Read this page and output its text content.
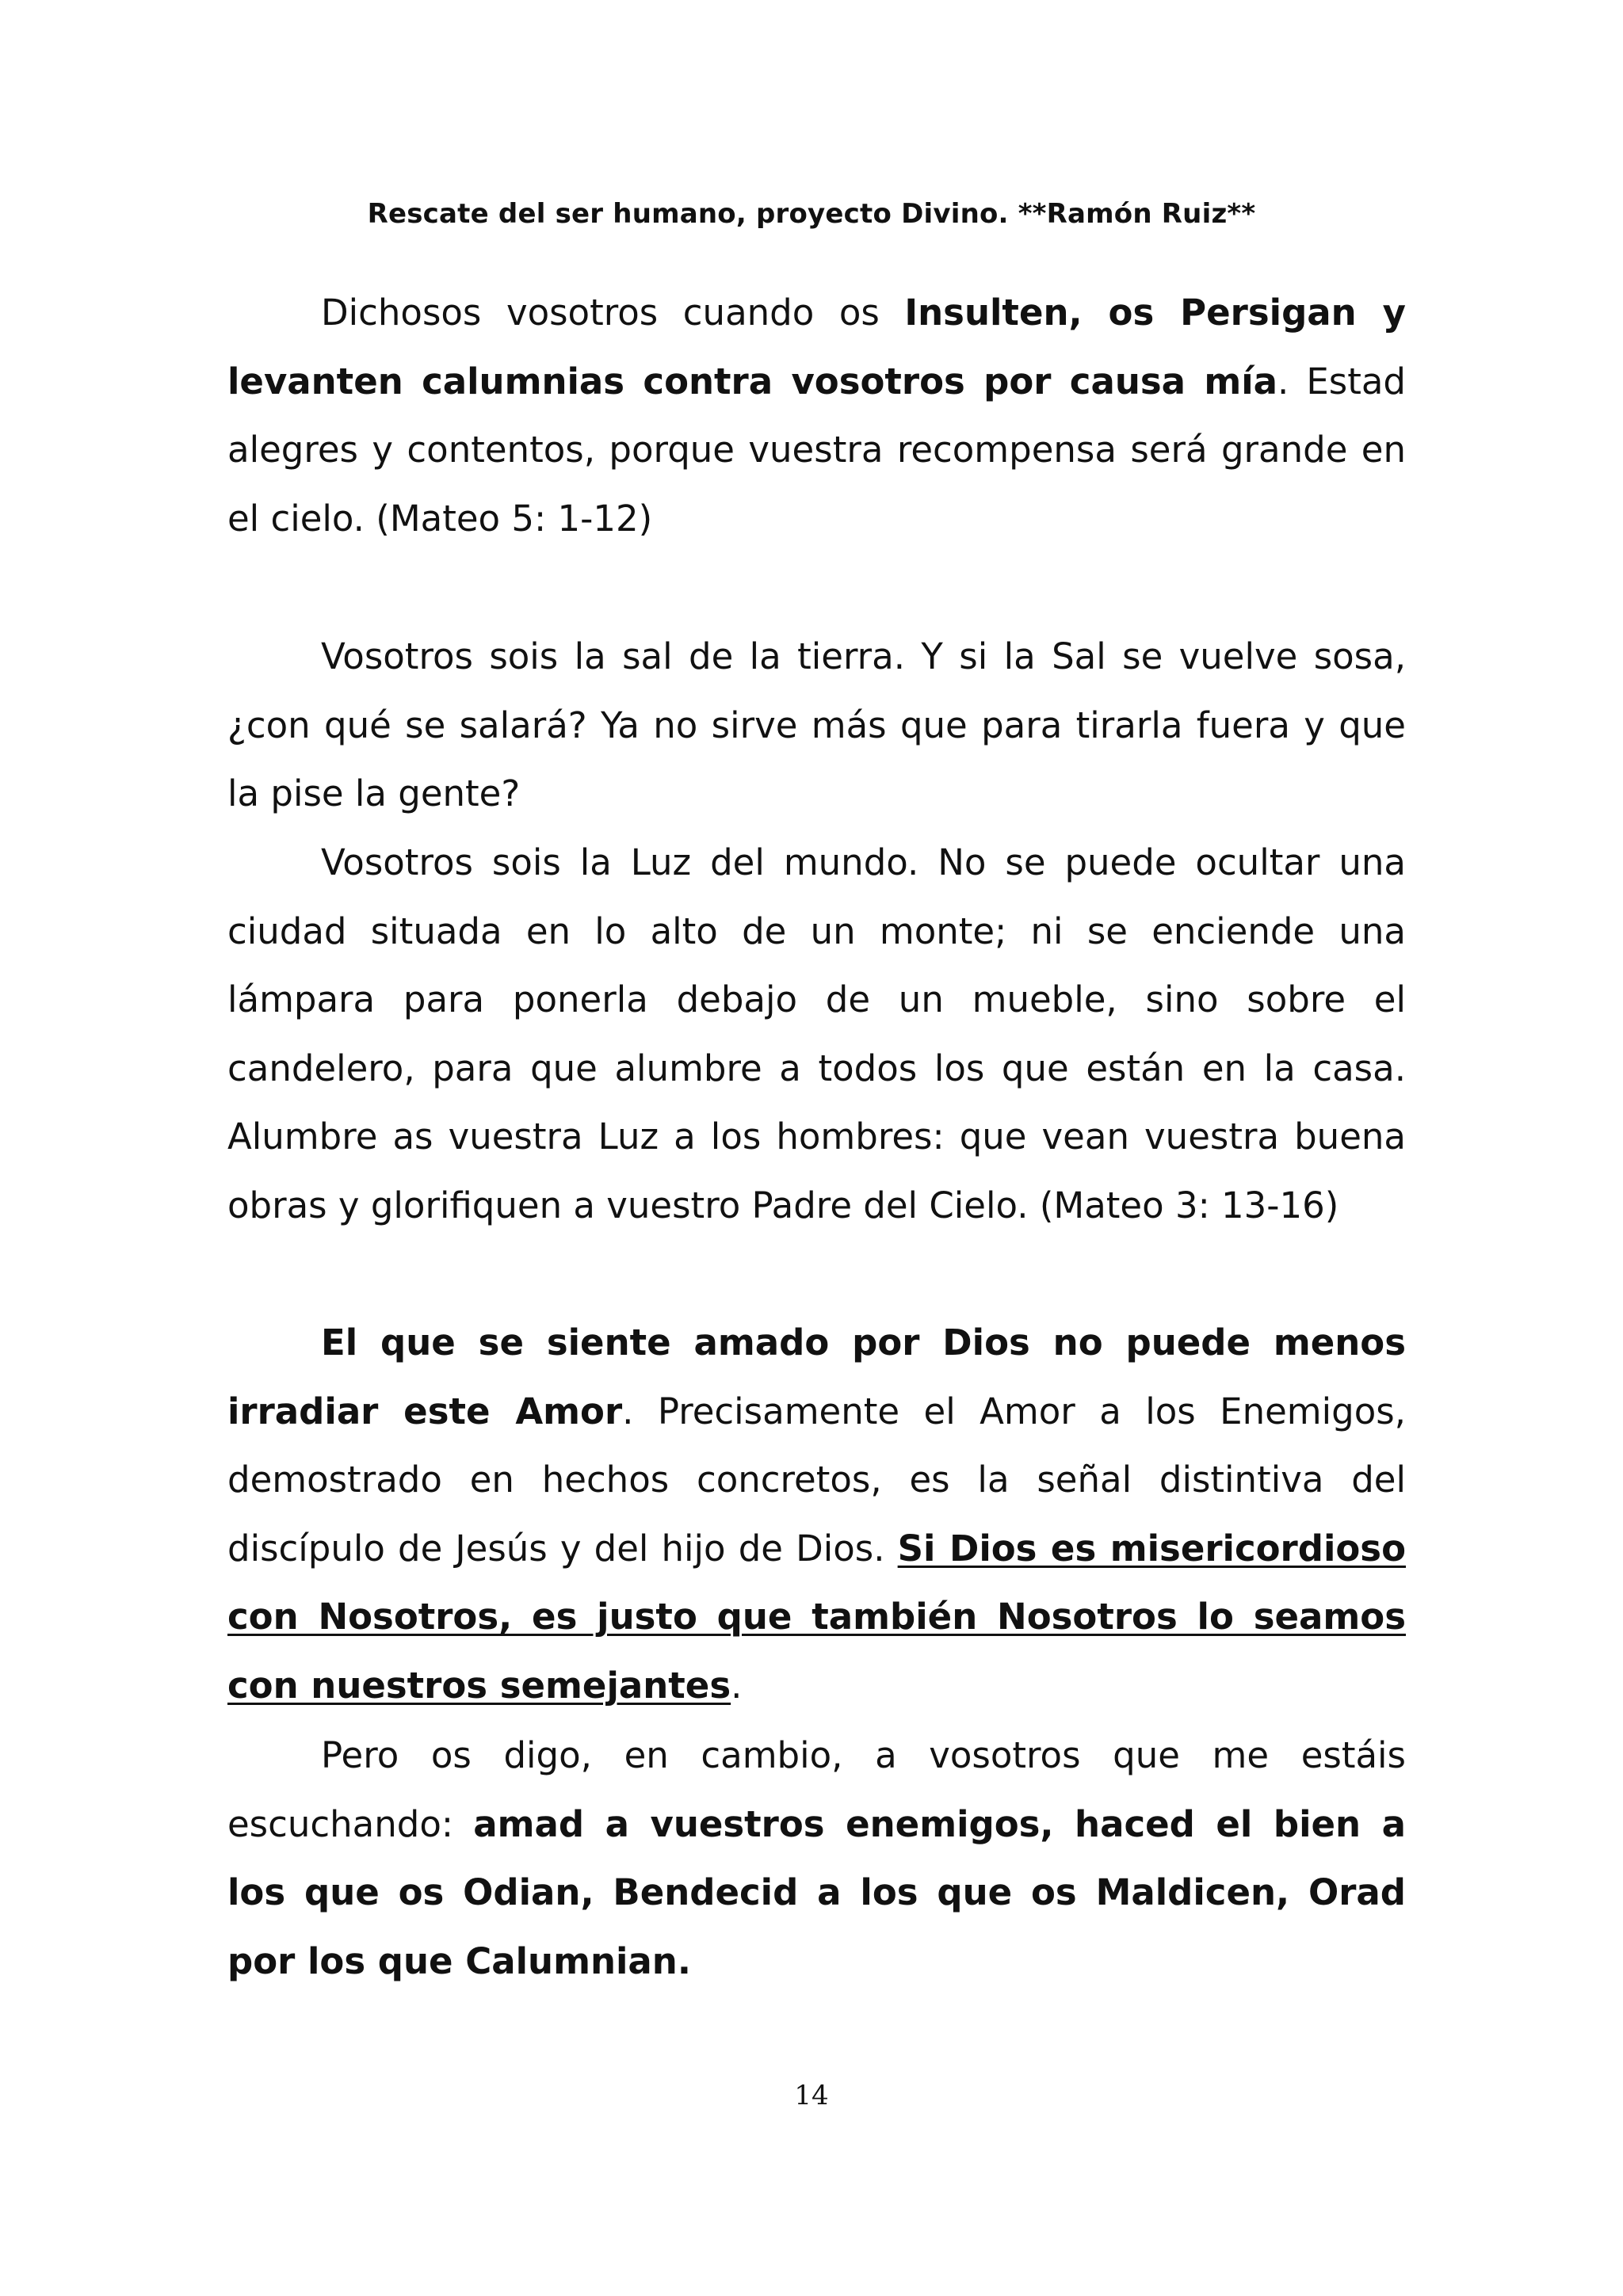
Rescate del ser humano, proyecto Divino. **Ramón Ruiz**

Dichosos vosotros cuando os Insulten, os Persigan y levanten calumnias contra vosotros por causa mía. Estad alegres y contentos, porque vuestra recompensa será grande en el cielo. (Mateo 5: 1-12)

Vosotros sois la sal de la tierra. Y si la Sal se vuelve sosa, ¿con qué se salará? Ya no sirve más que para tirarla fuera y que la pise la gente?

Vosotros sois la Luz del mundo. No se puede ocultar una ciudad situada en lo alto de un monte; ni se enciende una lámpara para ponerla debajo de un mueble, sino sobre el candelero, para que alumbre a todos los que están en la casa. Alumbre as vuestra Luz a los hombres: que vean vuestra buena obras y glorifiquen a vuestro Padre del Cielo. (Mateo 3: 13-16)

El que se siente amado por Dios no puede menos irradiar este Amor. Precisamente el Amor a los Enemigos, demostrado en hechos concretos, es la señal distintiva del discípulo de Jesús y del hijo de Dios. Si Dios es misericordioso con Nosotros, es justo que también Nosotros lo seamos con nuestros semejantes.

Pero os digo, en cambio, a vosotros que me estáis escuchando: amad a vuestros enemigos, haced el bien a los que os Odian, Bendecid a los que os Maldicen, Orad por los que Calumnian.

14
